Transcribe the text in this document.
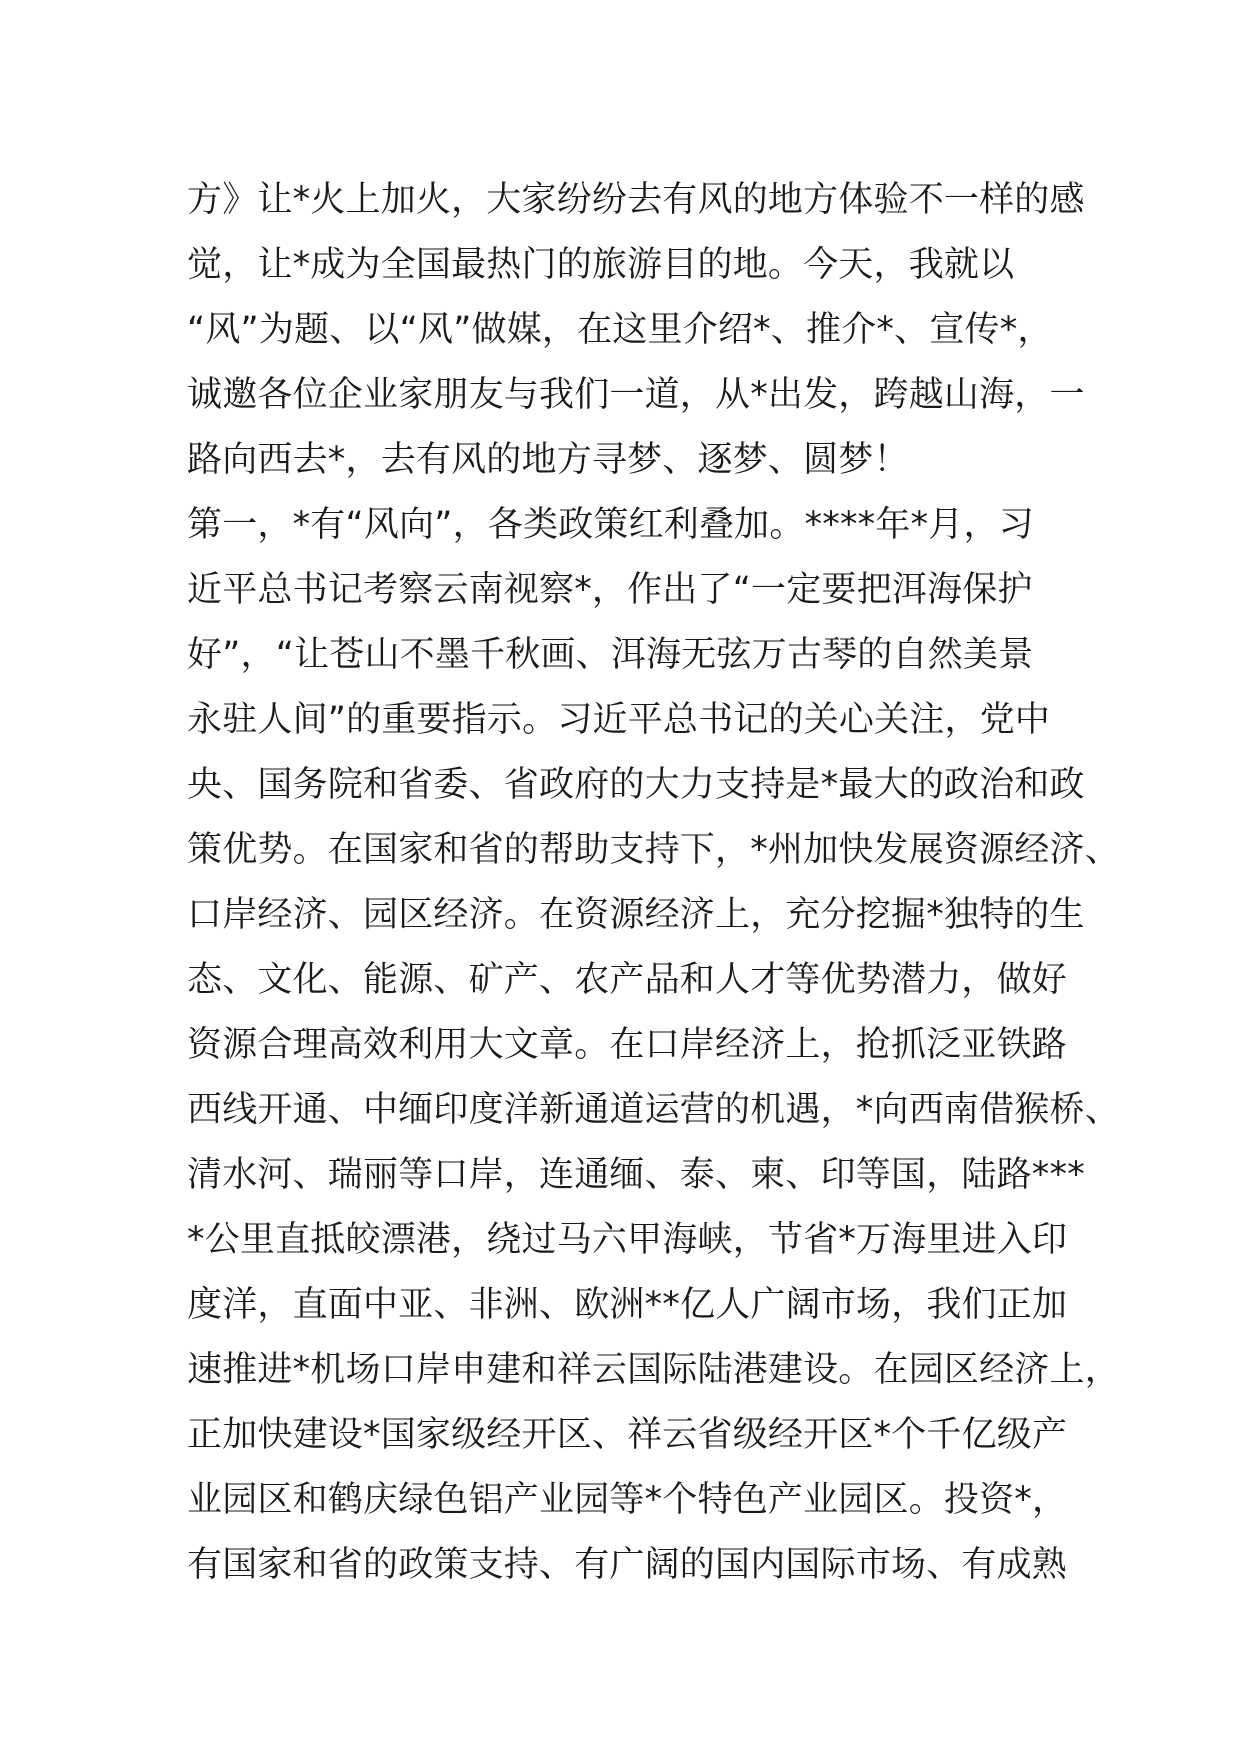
方》让*火上加火，大家纷纷去有风的地方体验不一样的感
觉，让*成为全国最热门的旅游目的地。今天，我就以
“风”为题、以“风”做媒，在这里介绍*、推介*、宣传*，
诚邀各位企业家朋友与我们一道，从*出发，跨越山海，一
路向西去*，去有风的地方寻梦、逐梦、圆梦！
第一，*有“风向”，各类政策红利叠加。****年*月，习
近平总书记考察云南视察*，作出了“一定要把洱海保护
好”，“让苍山不墨千秋画、洱海无弦万古琴的自然美景
永驻人间”的重要指示。习近平总书记的关心关注，党中
央、国务院和省委、省政府的大力支持是*最大的政治和政
策优势。在国家和省的帮助支持下，*州加快发展资源经济、
口岸经济、园区经济。在资源经济上，充分挖掘*独特的生
态、文化、能源、矿产、农产品和人才等优势潜力，做好
资源合理高效利用大文章。在口岸经济上，抢抓泛亚铁路
西线开通、中缅印度洋新通道运营的机遇，*向西南借猴桥、
清水河、瑞丽等口岸，连通缅、泰、柬、印等国，陆路***
*公里直抵皎漂港，绕过马六甲海峡，节省*万海里进入印
度洋，直面中亚、非洲、欧洲**亿人广阔市场，我们正加
速推进*机场口岸申建和祥云国际陆港建设。在园区经济上，
正加快建设*国家级经开区、祥云省级经开区*个千亿级产
业园区和鹤庆绿色铝产业园等*个特色产业园区。投资*，
有国家和省的政策支持、有广阔的国内国际市场、有成熟
